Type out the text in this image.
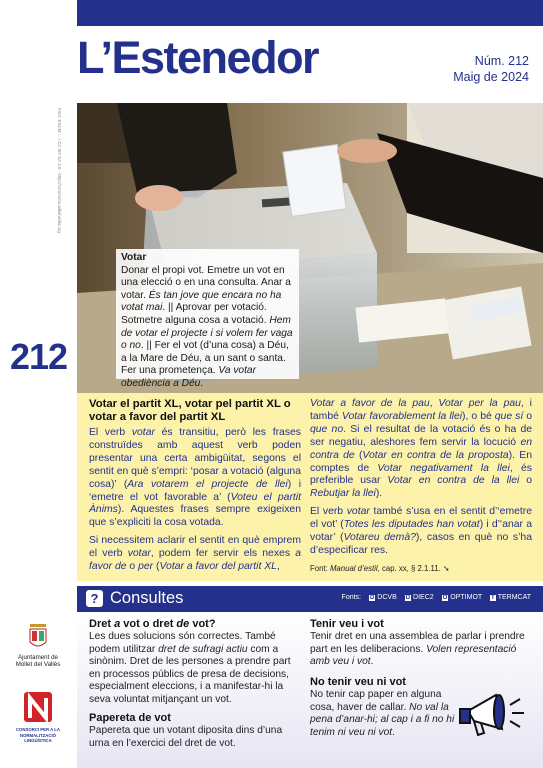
L’Estenedor	Núm. 212
Maig de 2024
Foto: ESCM ... / CC BY-SA 3.0 · http://commons.wikimedia.org
212
Votar
Donar el propi vot. Emetre un vot en una elecció o en una consulta. Anar a votar. És tan jove que encara no ha votat mai. || Aprovar per votació. Sotmetre alguna cosa a votació. Hem de votar el projecte i si volem fer vaga o no. || Fer el vot (d’una cosa) a Déu, a la Mare de Déu, a un sant o santa. Fer una prometença. Va votar obediència a Déu.
Votar el partit XL, votar pel partit XL o votar a favor del partit XL

El verb votar és transitiu, però les frases construïdes amb aquest verb poden presentar una certa ambigüitat, segons el sentit en què s’empri: ‘posar a votació (alguna cosa)’ (Ara votarem el projecte de llei) i ‘emetre el vot favorable a’ (Voteu el partit Ànims). Aquestes frases sempre exigeixen que s’expliciti la cosa votada.

Si necessitem aclarir el sentit en què emprem el verb votar, podem fer servir els nexes a favor de o per (Votar a favor del partit XL,

Votar a favor de la pau, Votar per la pau, i també Votar favorablement la llei), o bé que sí o que no. Si el resultat de la votació és o ha de ser negatiu, aleshores fem servir la locució en contra de (Votar en contra de la proposta). En comptes de Votar negativament la llei, és preferible usar Votar en contra de la llei o Rebutjar la llei).

El verb votar també s’usa en el sentit d’‘emetre el vot’ (Totes les diputades han votat) i d’‘anar a votar’ (Votareu demà?), casos en què no s’ha d’especificar res.

Font: Manual d’estil, cap. xx, § 2.1.11. ➘

? Consultes	Fonts: D DCVB D DIEC2 O OPTIMOT T TERMCAT
Dret a vot o dret de vot?
Les dues solucions són correctes. També podem utilitzar dret de sufragi actiu com a sinònim. Dret de les persones a prendre part en processos públics de presa de decisions, especialment eleccions, i a manifestar-hi la seva voluntat mitjançant un vot.
Papereta de vot
Papereta que un votant diposita dins d’una urna en l’exercici del dret de vot.
Tenir veu i vot
Tenir dret en una assemblea de parlar i prendre part en les deliberacions. Volen representació amb veu i vot.
No tenir veu ni vot
No tenir cap paper en alguna cosa, haver de callar. No val la pena d’anar-hi; al cap i a fi no hi tenim ni veu ni vot.
Ajuntament de Mollet del Vallès
CONSORCI PER A LA
NORMALITZACIÓ
LINGÜÍSTICA
